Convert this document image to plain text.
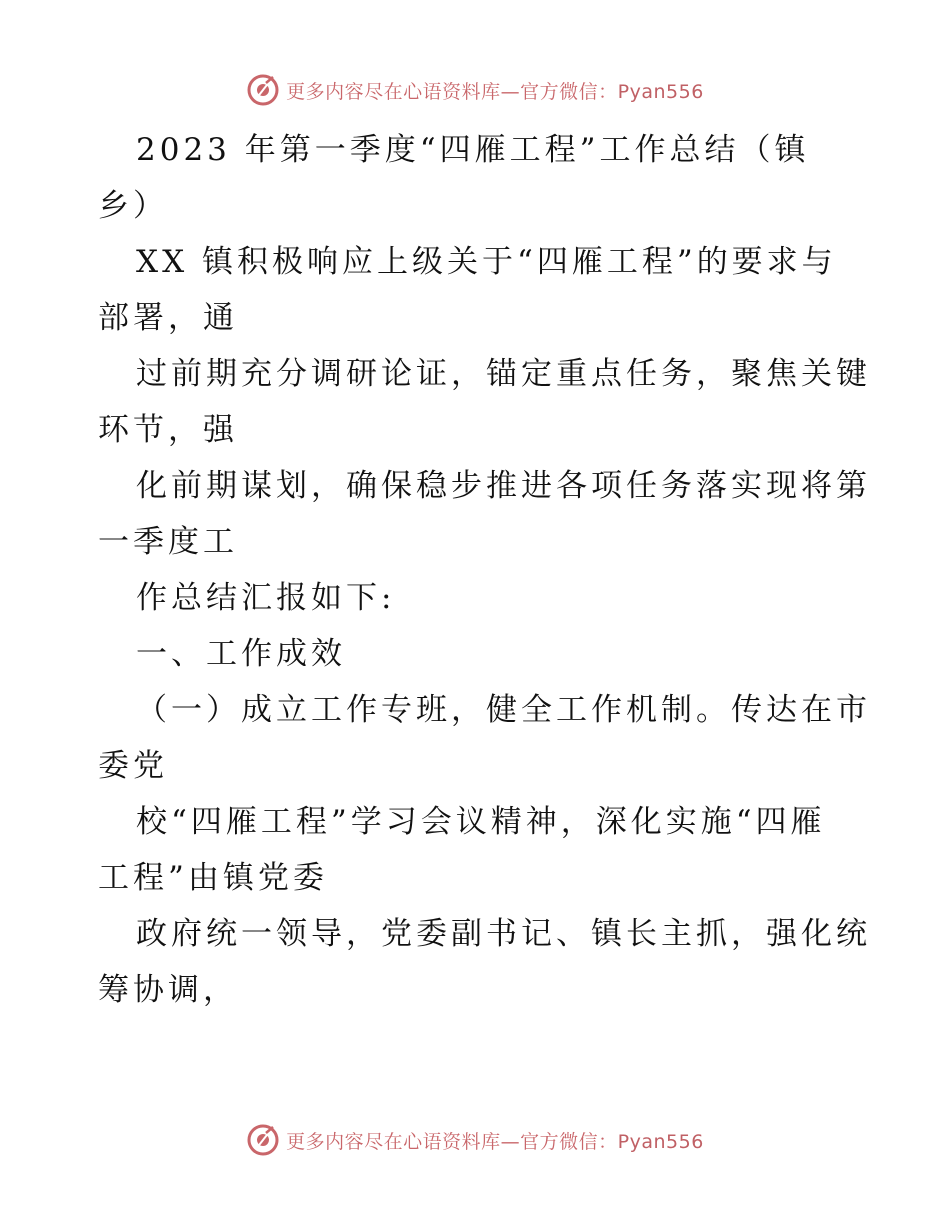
更多内容尽在心语资料库—官方微信：Pyan556
2023 年第一季度“四雁工程”工作总结（镇
乡）
XX 镇积极响应上级关于“四雁工程”的要求与
部署，通
过前期充分调研论证，锚定重点任务，聚焦关键
环节，强
化前期谋划，确保稳步推进各项任务落实现将第
一季度工
作总结汇报如下:
一、工作成效
（一）成立工作专班，健全工作机制。传达在市
委党
校“四雁工程”学习会议精神，深化实施“四雁
工程”由镇党委
政府统一领导，党委副书记、镇长主抓，强化统
筹协调，
更多内容尽在心语资料库—官方微信：Pyan556
